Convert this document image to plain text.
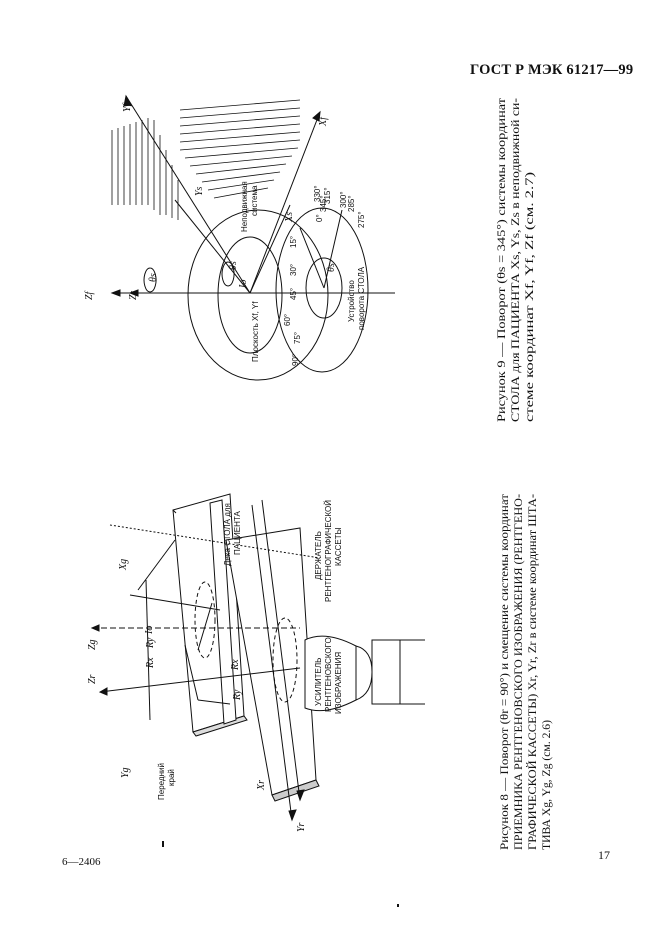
ГОСТ Р МЭК 61217—99
6—2406	17
Xg
Yg
Zg
Zr
Xr
Yr
Io
Rx
Ry
Rx
Ry
Дека СТОЛА для ПАЦИЕНТА	ДЕРЖАТЕЛЬ РЕНТГЕНОГРАФИЧЕСКОЙ КАССЕТЫ
УСИЛИТЕЛЬ РЕНТГЕНОВСКОГО ИЗОБРАЖЕНИЯ
Передний край	Рисунок 8 — Поворот (θr = 90°) и смещение системы координат ПРИЕМНИКА РЕНТГЕНОВСКОГО ИЗОБРАЖЕНИЯ (РЕНТГЕНО- ГРАФИЧЕСКОЙ КАССЕТЫ) Xr, Yr, Zr в системе координат ШТА- ТИВА Xg, Yg, Zg (см. 2.6)
Yf
Xf
Ys
Xs
Zf	Zs
θs
θs	θs
Io
Неподвижная система
Плоскость Xf, Yf
Устройство поворота СТОЛА
90°
75°
60°
45°
30°
15°
0°
345°
330° 315° 300° 285°
275°	Рисунок 9 — Поворот (θs = 345°) системы координат СТОЛА для ПАЦИЕНТА Xs, Ys, Zs в неподвижной си- стеме координат Xf, Yf, Zf (см. 2.7)
